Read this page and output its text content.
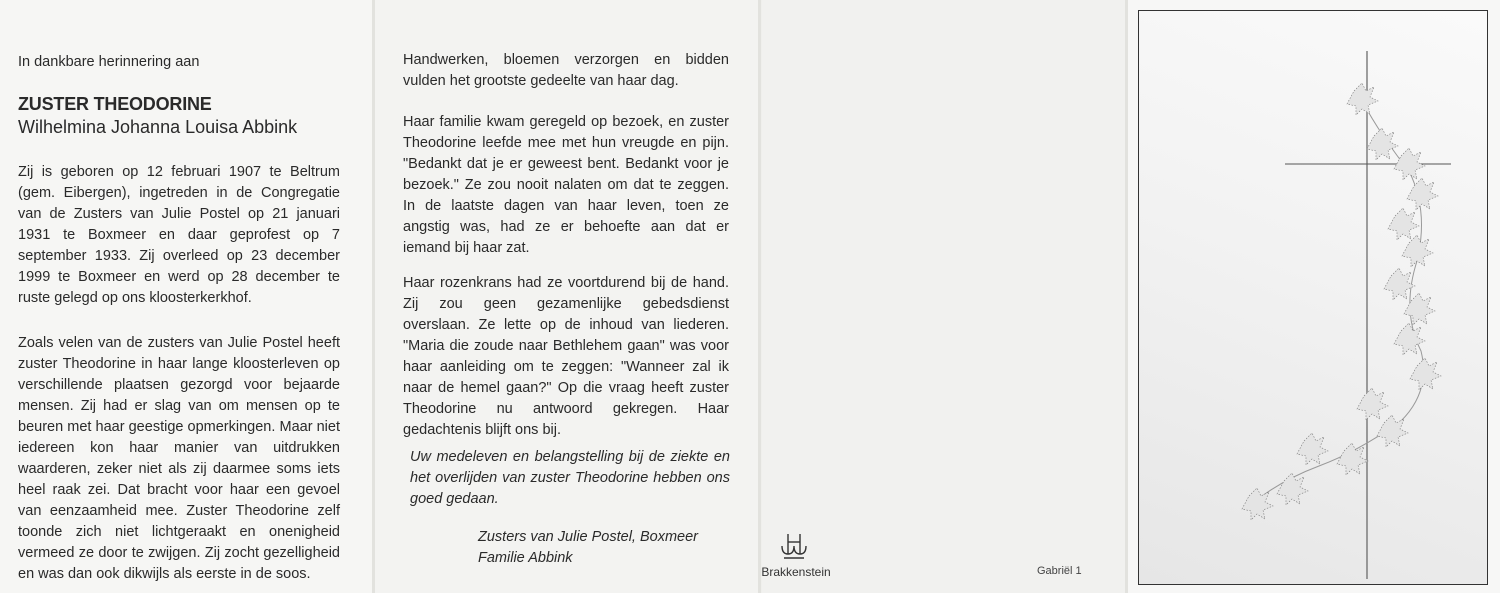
In dankbare herinnering aan
ZUSTER THEODORINE
Wilhelmina Johanna Louisa Abbink
Zij is geboren op 12 februari 1907 te Beltrum (gem. Eibergen), ingetreden in de Congregatie van de Zusters van Julie Postel op 21 januari 1931 te Boxmeer en daar geprofest op 7 september 1933. Zij overleed op 23 december 1999 te Boxmeer en werd op 28 december te ruste gelegd op ons kloosterkerkhof.
Zoals velen van de zusters van Julie Postel heeft zuster Theodorine in haar lange kloosterleven op verschillende plaatsen gezorgd voor bejaarde mensen. Zij had er slag van om mensen op te beuren met haar geestige opmerkingen. Maar niet iedereen kon haar manier van uitdrukken waarderen, zeker niet als zij daarmee soms iets heel raak zei. Dat bracht voor haar een gevoel van eenzaamheid mee. Zuster Theodorine zelf toonde zich niet lichtgeraakt en onenigheid vermeed ze door te zwijgen. Zij zocht gezelligheid en was dan ook dikwijls als eerste in de soos.
Handwerken, bloemen verzorgen en bidden vulden het grootste gedeelte van haar dag.
Haar familie kwam geregeld op bezoek, en zuster Theodorine leefde mee met hun vreugde en pijn. "Bedankt dat je er geweest bent. Bedankt voor je bezoek." Ze zou nooit nalaten om dat te zeggen. In de laatste dagen van haar leven, toen ze angstig was, had ze er behoefte aan dat er iemand bij haar zat.
Haar rozenkrans had ze voortdurend bij de hand. Zij zou geen gezamenlijke gebedsdienst overslaan. Ze lette op de inhoud van liederen. "Maria die zoude naar Bethlehem gaan" was voor haar aanleiding om te zeggen: "Wanneer zal ik naar de hemel gaan?" Op die vraag heeft zuster Theodorine nu antwoord gekregen. Haar gedachtenis blijft ons bij.
Uw medeleven en belangstelling bij de ziekte en het overlijden van zuster Theodorine hebben ons goed gedaan.
Zusters van Julie Postel, Boxmeer
Familie Abbink
Brakkenstein	Gabriël 1
